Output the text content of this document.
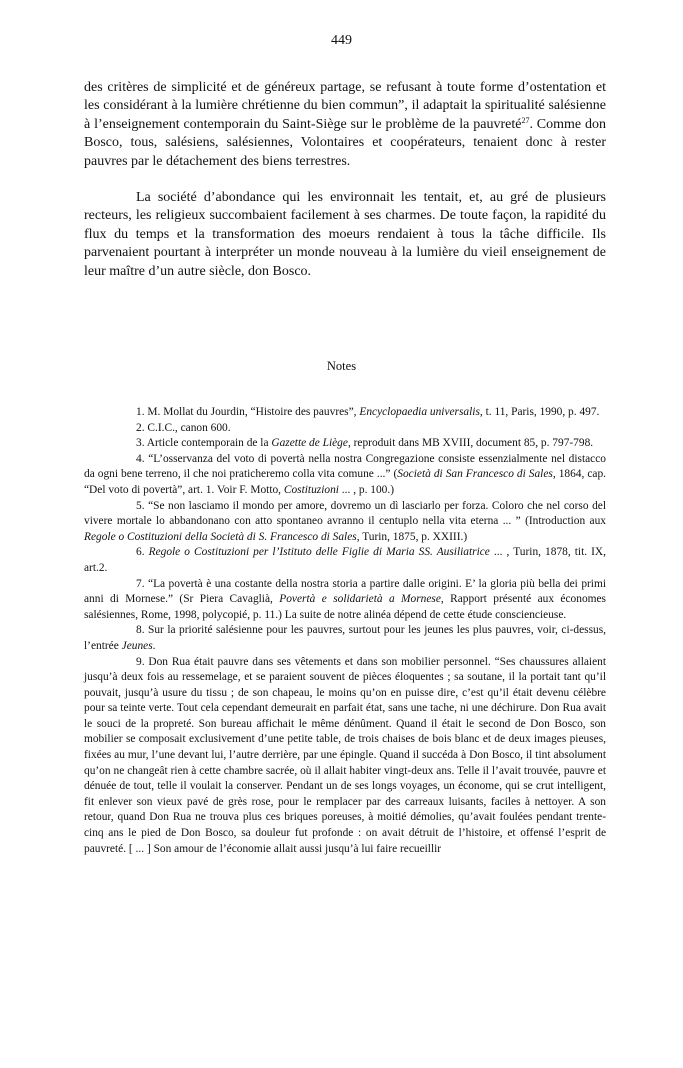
449

des critères de simplicité et de généreux partage, se refusant à toute forme d’ostentation et les considérant à la lumière chrétienne du bien commun”, il adaptait la spiritualité salésienne à l’enseignement contemporain du Saint-Siège sur le problème de la pauvreté$^{27}$. Comme don Bosco, tous, salésiens, salésiennes, Volontaires et coopérateurs, tenaient donc à rester pauvres par le détachement des biens terrestres.

La société d’abondance qui les environnait les tentait, et, au gré de plusieurs recteurs, les religieux succombaient facilement à ses charmes. De toute façon, la rapidité du flux du temps et la transformation des moeurs rendaient à tous la tâche difficile. Ils parvenaient pourtant à interpréter un monde nouveau à la lumière du vieil enseignement de leur maître d’un autre siècle, don Bosco.

Notes

1. M. Mollat du Jourdin, “Histoire des pauvres”, Encyclopaedia universalis, t. 11, Paris, 1990, p. 497.

2. C.I.C., canon 600.

3. Article contemporain de la Gazette de Liège, reproduit dans MB XVIII, document 85, p. 797-798.

4. “L’osservanza del voto di povertà nella nostra Congregazione consiste essenzialmente nel distacco da ogni bene terreno, il che noi praticheremo colla vita comune ...” (Società di San Francesco di Sales, 1864, cap. “Del voto di povertà”, art. 1. Voir F. Motto, Costituzioni ... , p. 100.)

5. “Se non lasciamo il mondo per amore, dovremo un dì lasciarlo per forza. Coloro che nel corso del vivere mortale lo abbandonano con atto spontaneo avranno il centuplo nella vita eterna ... ” (Introduction aux Regole o Costituzioni della Società di S. Francesco di Sales, Turin, 1875, p. XXIII.)

6. Regole o Costituzioni per l’Istituto delle Figlie di Maria SS. Ausiliatrice ... , Turin, 1878, tit. IX, art.2.

7. “La povertà è una costante della nostra storia a partire dalle origini. E’ la gloria più bella dei primi anni di Mornese.” (Sr Piera Cavaglià, Povertà e solidarietà a Mornese, Rapport présenté aux économes salésiennes, Rome, 1998, polycopié, p. 11.) La suite de notre alinéa dépend de cette étude consciencieuse.

8. Sur la priorité salésienne pour les pauvres, surtout pour les jeunes les plus pauvres, voir, ci-dessus, l’entrée Jeunes.

9. Don Rua était pauvre dans ses vêtements et dans son mobilier personnel. “Ses chaussures allaient jusqu’à deux fois au ressemelage, et se paraient souvent de pièces éloquentes ; sa soutane, il la portait tant qu’il pouvait, jusqu’à usure du tissu ; de son chapeau, le moins qu’on en puisse dire, c’est qu’il était devenu célèbre pour sa teinte verte. Tout cela cependant demeurait en parfait état, sans une tache, ni une déchirure. Don Rua avait le souci de la propreté. Son bureau affichait le même dénûment. Quand il était le second de Don Bosco, son mobilier se composait exclusivement d’une petite table, de trois chaises de bois blanc et de deux images pieuses, fixées au mur, l’une devant lui, l’autre derrière, par une épingle. Quand il succéda à Don Bosco, il tint absolument qu’on ne changeât rien à cette chambre sacrée, où il allait habiter vingt-deux ans. Telle il l’avait trouvée, pauvre et dénuée de tout, telle il voulait la conserver. Pendant un de ses longs voyages, un économe, qui se crut intelligent, fit enlever son vieux pavé de grès rose, pour le remplacer par des carreaux luisants, faciles à nettoyer. A son retour, quand Don Rua ne trouva plus ces briques poreuses, à moitié démolies, qu’avait foulées pendant trente-cinq ans le pied de Don Bosco, sa douleur fut profonde : on avait détruit de l’histoire, et offensé l’esprit de pauvreté. [ ... ] Son amour de l’économie allait aussi jusqu’à lui faire recueillir
